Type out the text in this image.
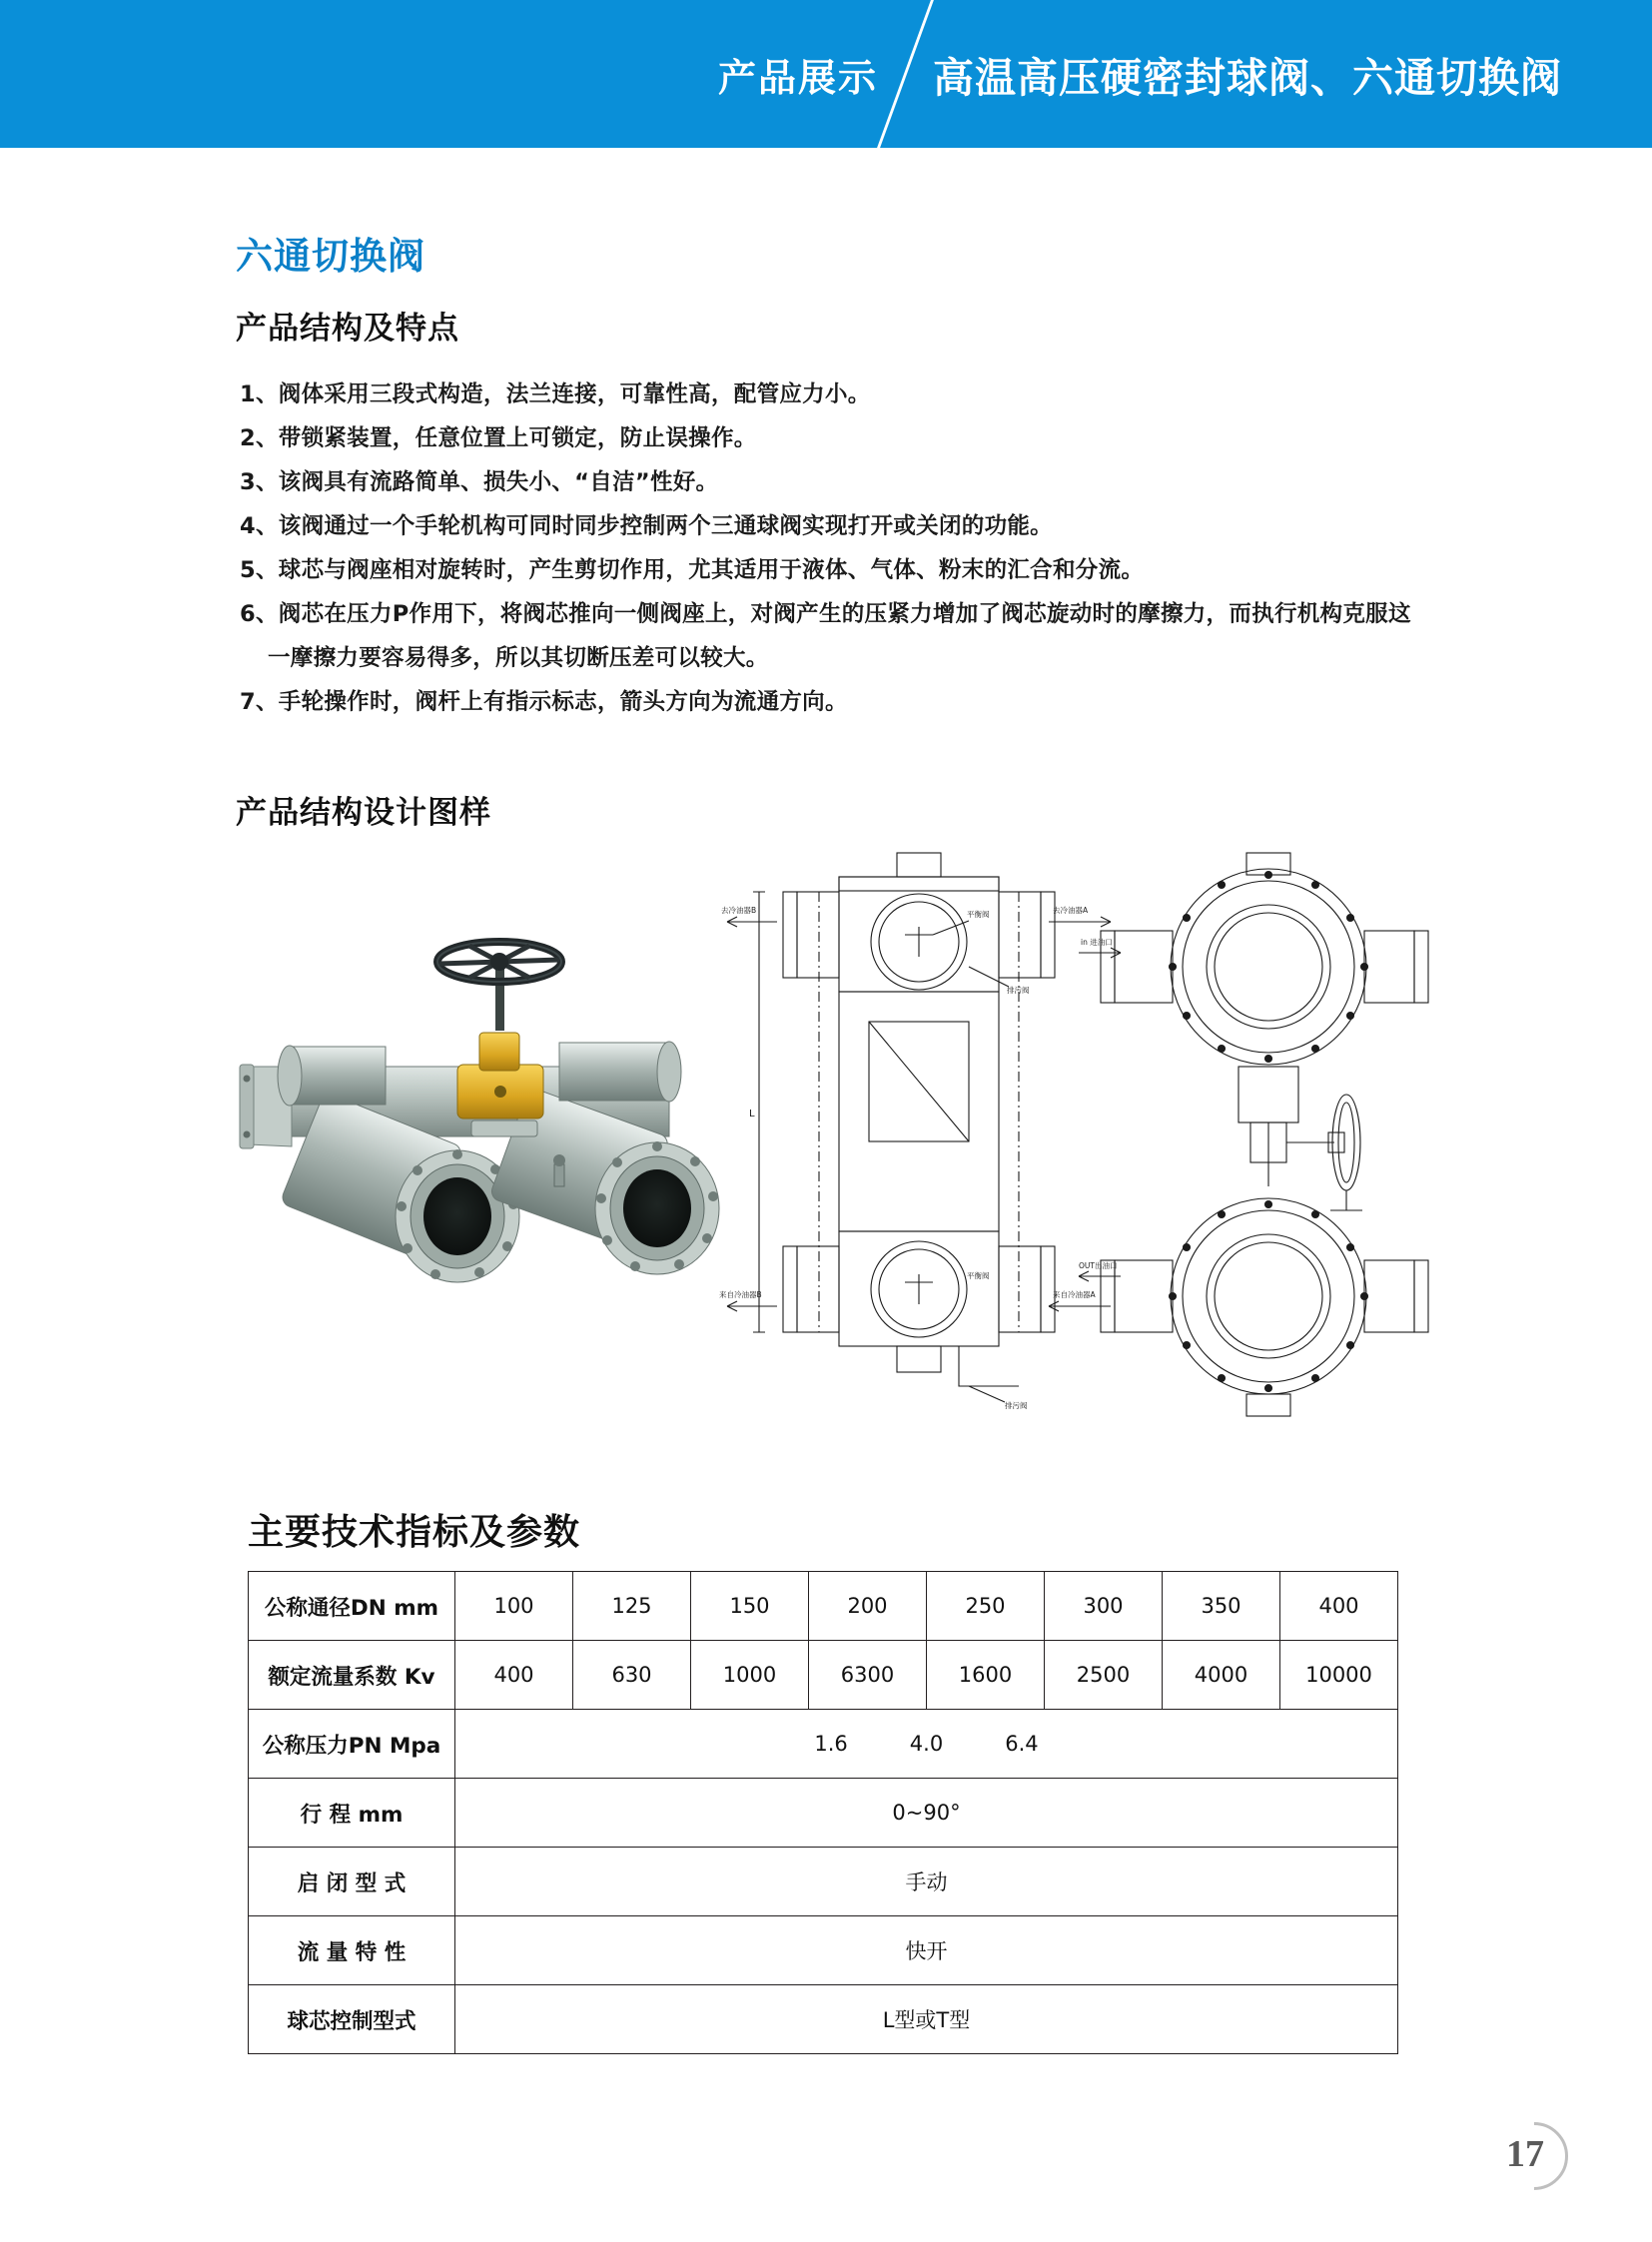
产品展示	高温高压硬密封球阀、六通切换阀
六通切换阀
产品结构及特点
1、阀体采用三段式构造，法兰连接，可靠性高，配管应力小。
2、带锁紧装置，任意位置上可锁定，防止误操作。
3、该阀具有流路简单、损失小、“自洁”性好。
4、该阀通过一个手轮机构可同时同步控制两个三通球阀实现打开或关闭的功能。
5、球芯与阀座相对旋转时，产生剪切作用，尤其适用于液体、气体、粉末的汇合和分流。
6、阀芯在压力P作用下，将阀芯推向一侧阀座上，对阀产生的压紧力增加了阀芯旋动时的摩擦力，而执行机构克服这
一摩擦力要容易得多，所以其切断压差可以较大。
7、手轮操作时，阀杆上有指示标志，箭头方向为流通方向。
产品结构设计图样
去冷油器B	去冷油器A
来自冷油器B	来自冷油器A
平衡阀
平衡阀
排污阀
排污阀
L
in 进油口
OUT出油口
主要技术指标及参数
公称通径DN mm	100	125	150	200	250	300	350	400
额定流量系数 Kv	400	630	1000	6300	1600	2500	4000	10000
公称压力PN Mpa	1.6 4.0 6.4							

行 程 mm	0~90°							
启 闭 型 式	手动							
流 量 特 性	快开							
球芯控制型式	L型或T型							
17
